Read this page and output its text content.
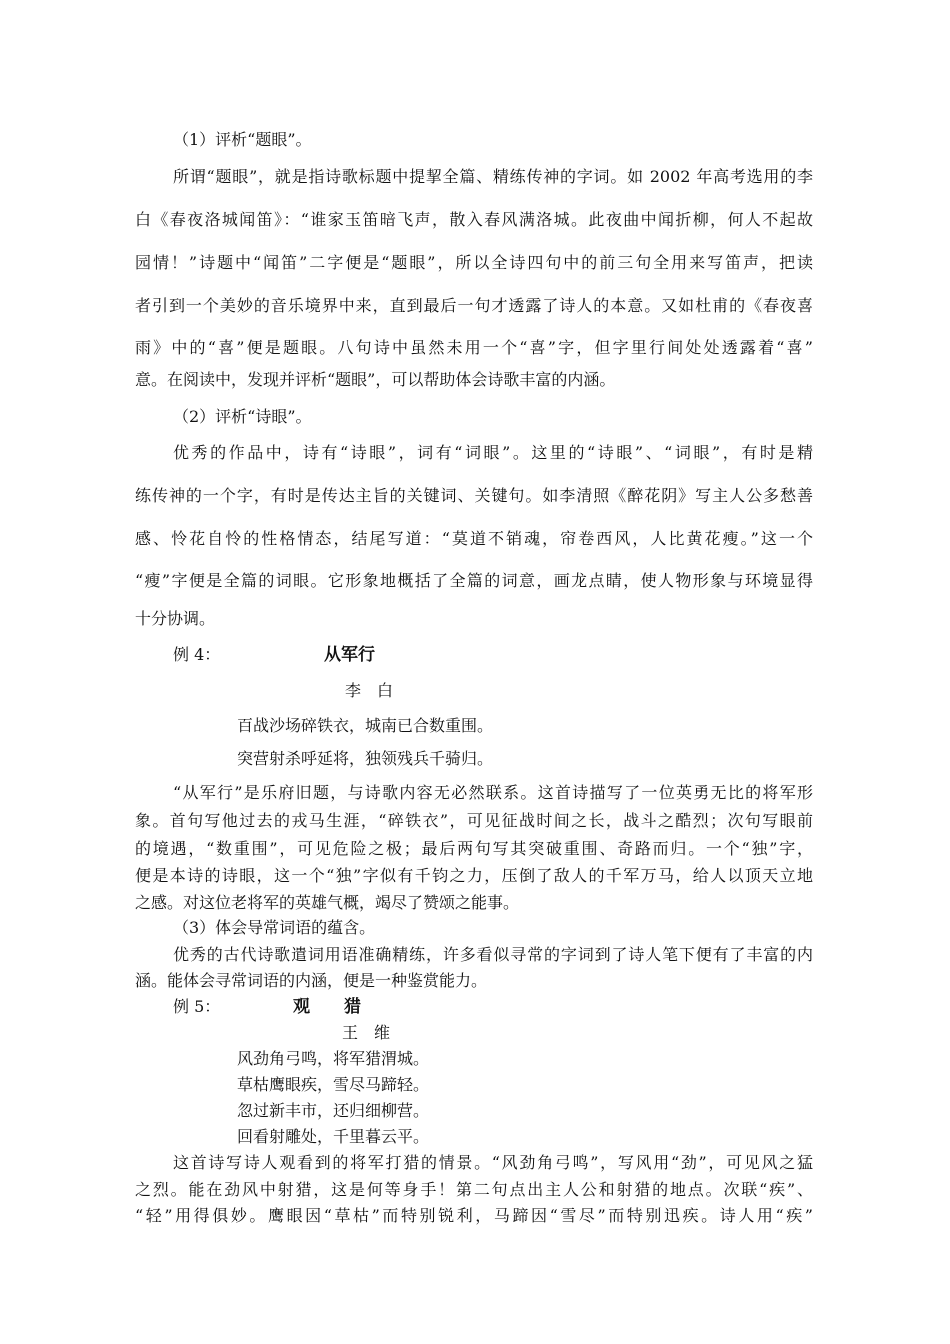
（1）评析“题眼”。
所谓“题眼”，就是指诗歌标题中提挈全篇、精练传神的字词。如 2002 年高考选用的李
白《春夜洛城闻笛》：“谁家玉笛暗飞声，散入春风满洛城。此夜曲中闻折柳，何人不起故
园情！”诗题中“闻笛”二字便是“题眼”，所以全诗四句中的前三句全用来写笛声，把读
者引到一个美妙的音乐境界中来，直到最后一句才透露了诗人的本意。又如杜甫的《春夜喜
雨》中的“喜”便是题眼。八句诗中虽然未用一个“喜”字，但字里行间处处透露着“喜”
意。在阅读中，发现并评析“题眼”，可以帮助体会诗歌丰富的内涵。
（2）评析“诗眼”。
优秀的作品中，诗有“诗眼”，词有“词眼”。这里的“诗眼”、“词眼”，有时是精
练传神的一个字，有时是传达主旨的关键词、关键句。如李清照《醉花阴》写主人公多愁善
感、怜花自怜的性格情态，结尾写道：“莫道不销魂，帘卷西风，人比黄花瘦。”这一个
“瘦”字便是全篇的词眼。它形象地概括了全篇的词意，画龙点睛，使人物形象与环境显得
十分协调。
例 4：	从军行
李　白
百战沙场碎铁衣，城南已合数重围。
突营射杀呼延将，独领残兵千骑归。
“从军行”是乐府旧题，与诗歌内容无必然联系。这首诗描写了一位英勇无比的将军形
象。首句写他过去的戎马生涯，“碎铁衣”，可见征战时间之长，战斗之酷烈；次句写眼前
的境遇，“数重围”，可见危险之极；最后两句写其突破重围、奇路而归。一个“独”字，
便是本诗的诗眼，这一个“独”字似有千钧之力，压倒了敌人的千军万马，给人以顶天立地
之感。对这位老将军的英雄气概，竭尽了赞颂之能事。
（3）体会导常词语的蕴含。
优秀的古代诗歌遣词用语准确精练，许多看似寻常的字词到了诗人笔下便有了丰富的内
涵。能体会寻常词语的内涵，便是一种鉴赏能力。
例 5：	观　　猎
王　维
风劲角弓鸣，将军猎渭城。
草枯鹰眼疾，雪尽马蹄轻。
忽过新丰市，还归细柳营。
回看射雕处，千里暮云平。
这首诗写诗人观看到的将军打猎的情景。“风劲角弓鸣”，写风用“劲”，可见风之猛
之烈。能在劲风中射猎，这是何等身手！第二句点出主人公和射猎的地点。次联“疾”、
“轻”用得俱妙。鹰眼因“草枯”而特别锐利，马蹄因“雪尽”而特别迅疾。诗人用“疾”
